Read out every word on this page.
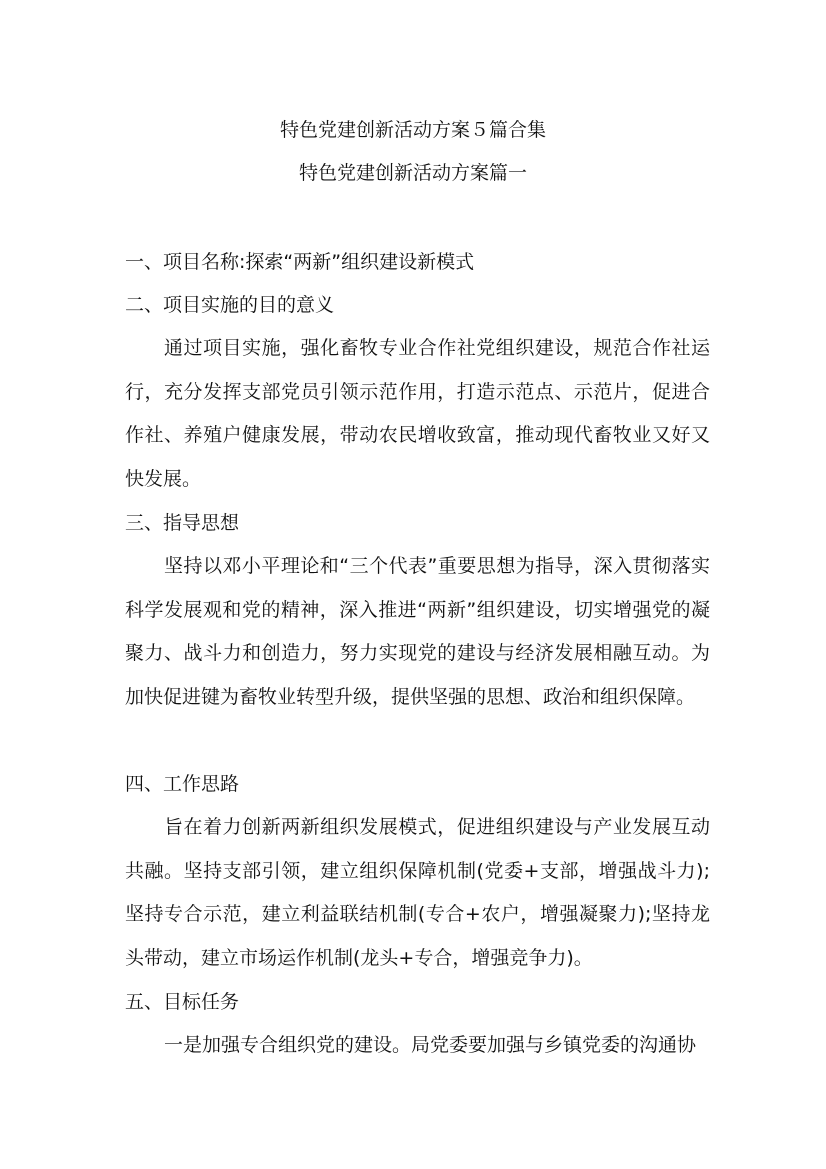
特色党建创新活动方案５篇合集
特色党建创新活动方案篇一
一、项目名称:探索“两新”组织建设新模式
二、项目实施的目的意义

通过项目实施，强化畜牧专业合作社党组织建设，规范合作社运行，充分发挥支部党员引领示范作用，打造示范点、示范片，促进合作社、养殖户健康发展，带动农民增收致富，推动现代畜牧业又好又快发展。

三、指导思想

坚持以邓小平理论和“三个代表”重要思想为指导，深入贯彻落实科学发展观和党的精神，深入推进“两新”组织建设，切实增强党的凝聚力、战斗力和创造力，努力实现党的建设与经济发展相融互动。为加快促进键为畜牧业转型升级，提供坚强的思想、政治和组织保障。

四、工作思路

旨在着力创新两新组织发展模式，促进组织建设与产业发展互动共融。坚持支部引领，建立组织保障机制(党委+支部，增强战斗力);坚持专合示范，建立利益联结机制(专合+农户，增强凝聚力);坚持龙头带动，建立市场运作机制(龙头+专合，增强竞争力)。

五、目标任务

一是加强专合组织党的建设。局党委要加强与乡镇党委的沟通协
